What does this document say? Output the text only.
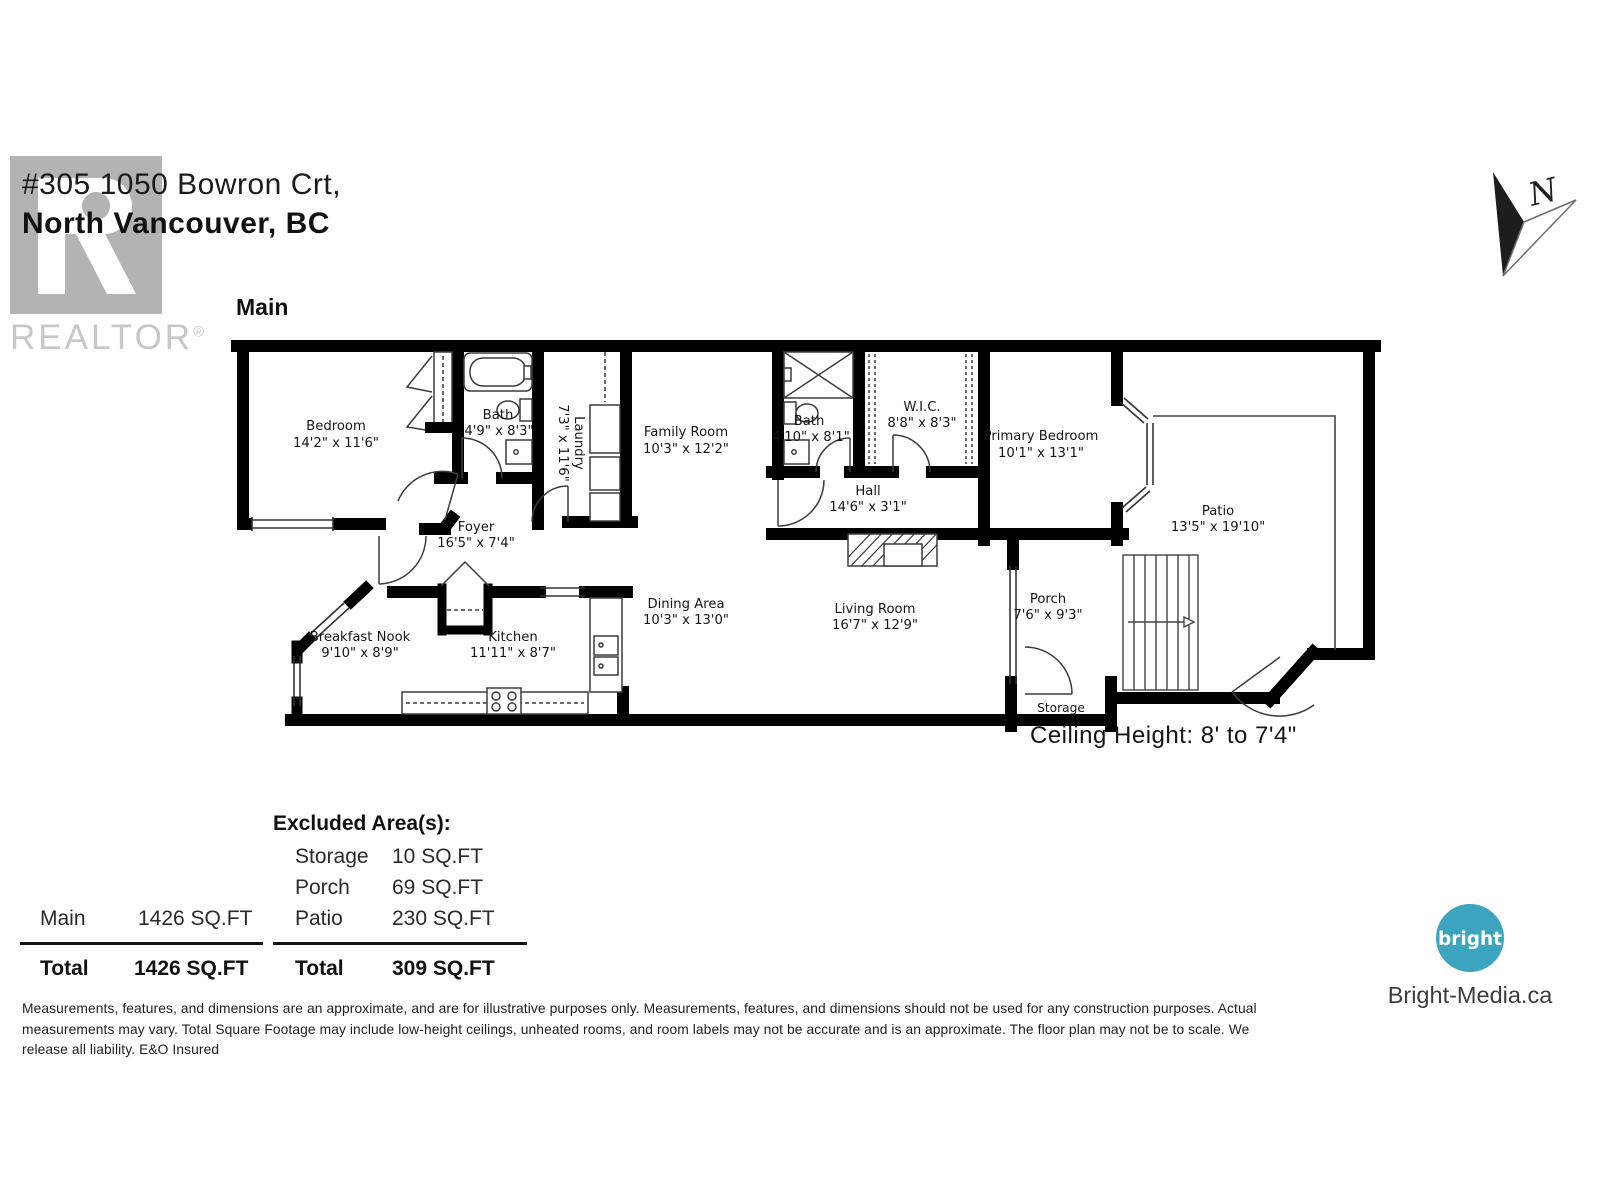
REALTOR®
#305 1050 Bowron Crt,
North Vancouver, BC
Main
Bedroom
14'2" x 11'6"
Bath
4'9" x 8'3"	Laundry
7'3" x 11'6"	Family Room
10'3" x 12'2"
Bath
4'10" x 8'1"
W.I.C.
8'8" x 8'3"
Primary Bedroom
10'1" x 13'1"
Hall
14'6" x 3'1"	Patio
13'5" x 19'10"
Foyer
16'5" x 7'4"
Breakfast Nook
9'10" x 8'9"
Kitchen
11'11" x 8'7"
Dining Area
10'3" x 13'0"
Living Room
16'7" x 12'9"
Porch
7'6" x 9'3"
Storage
Ceiling Height: 8' to 7'4"
N
Main 1426 SQ.FT
Total 1426 SQ.FT
Excluded Area(s):
Storage 10 SQ.FT
Porch 69 SQ.FT
Patio 230 SQ.FT
Total 309 SQ.FT
Measurements, features, and dimensions are an approximate, and are for illustrative purposes only. Measurements, features, and dimensions should not be used for any construction purposes. Actual
measurements may vary. Total Square Footage may include low-height ceilings, unheated rooms, and room labels may not be accurate and is an approximate. The floor plan may not be to scale. We
release all liability. E&O Insured
bright
Bright-Media.ca
